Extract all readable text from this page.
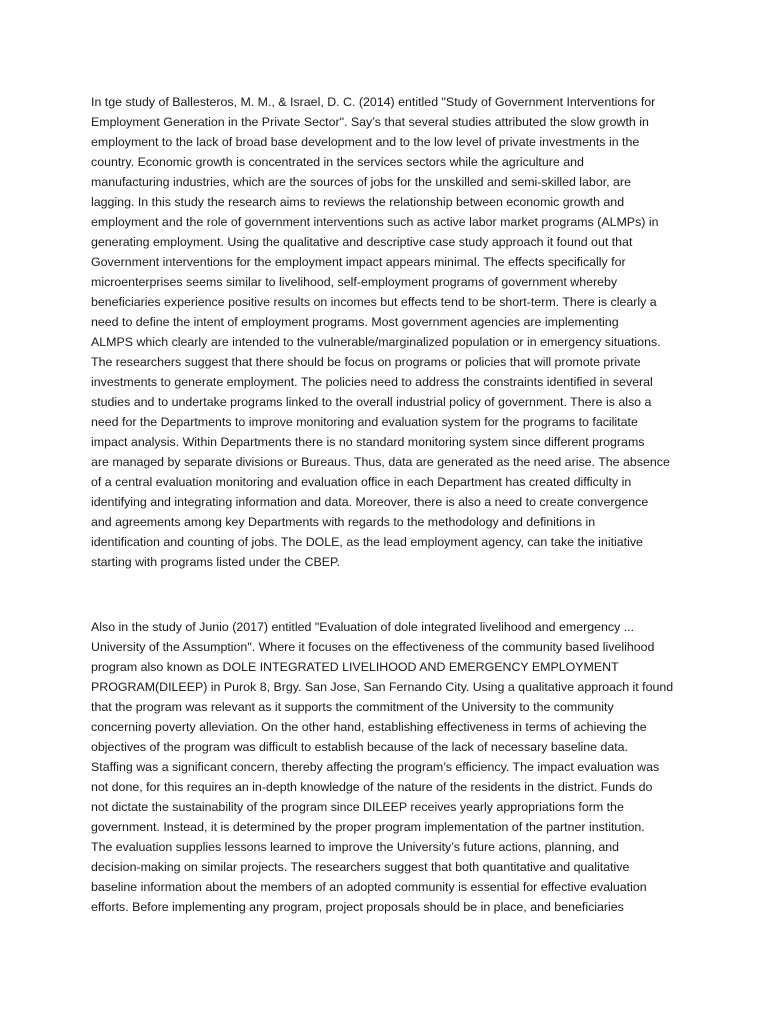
In tge study of Ballesteros, M. M., & Israel, D. C. (2014) entitled "Study of Government Interventions for
Employment Generation in the Private Sector". Say’s that several studies attributed the slow growth in
employment to the lack of broad base development and to the low level of private investments in the
country. Economic growth is concentrated in the services sectors while the agriculture and
manufacturing industries, which are the sources of jobs for the unskilled and semi-skilled labor, are
lagging. In this study the research aims to reviews the relationship between economic growth and
employment and the role of government interventions such as active labor market programs (ALMPs) in
generating employment. Using the qualitative and descriptive case study approach it found out that
Government interventions for the employment impact appears minimal. The effects specifically for
microenterprises seems similar to livelihood, self-employment programs of government whereby
beneficiaries experience positive results on incomes but effects tend to be short-term. There is clearly a
need to define the intent of employment programs. Most government agencies are implementing
ALMPS which clearly are intended to the vulnerable/marginalized population or in emergency situations.
The researchers suggest that there should be focus on programs or policies that will promote private
investments to generate employment. The policies need to address the constraints identified in several
studies and to undertake programs linked to the overall industrial policy of government. There is also a
need for the Departments to improve monitoring and evaluation system for the programs to facilitate
impact analysis. Within Departments there is no standard monitoring system since different programs
are managed by separate divisions or Bureaus. Thus, data are generated as the need arise. The absence
of a central evaluation monitoring and evaluation office in each Department has created difficulty in
identifying and integrating information and data. Moreover, there is also a need to create convergence
and agreements among key Departments with regards to the methodology and definitions in
identification and counting of jobs. The DOLE, as the lead employment agency, can take the initiative
starting with programs listed under the CBEP.

Also in the study of Junio (2017) entitled "Evaluation of dole integrated livelihood and emergency ...
University of the Assumption". Where it focuses on the effectiveness of the community based livelihood
program also known as DOLE INTEGRATED LIVELIHOOD AND EMERGENCY EMPLOYMENT
PROGRAM(DILEEP) in Purok 8, Brgy. San Jose, San Fernando City. Using a qualitative approach it found
that the program was relevant as it supports the commitment of the University to the community
concerning poverty alleviation. On the other hand, establishing effectiveness in terms of achieving the
objectives of the program was difficult to establish because of the lack of necessary baseline data.
Staffing was a significant concern, thereby affecting the program’s efficiency. The impact evaluation was
not done, for this requires an in-depth knowledge of the nature of the residents in the district. Funds do
not dictate the sustainability of the program since DILEEP receives yearly appropriations form the
government. Instead, it is determined by the proper program implementation of the partner institution.
The evaluation supplies lessons learned to improve the University’s future actions, planning, and
decision-making on similar projects. The researchers suggest that both quantitative and qualitative
baseline information about the members of an adopted community is essential for effective evaluation
efforts. Before implementing any program, project proposals should be in place, and beneficiaries
